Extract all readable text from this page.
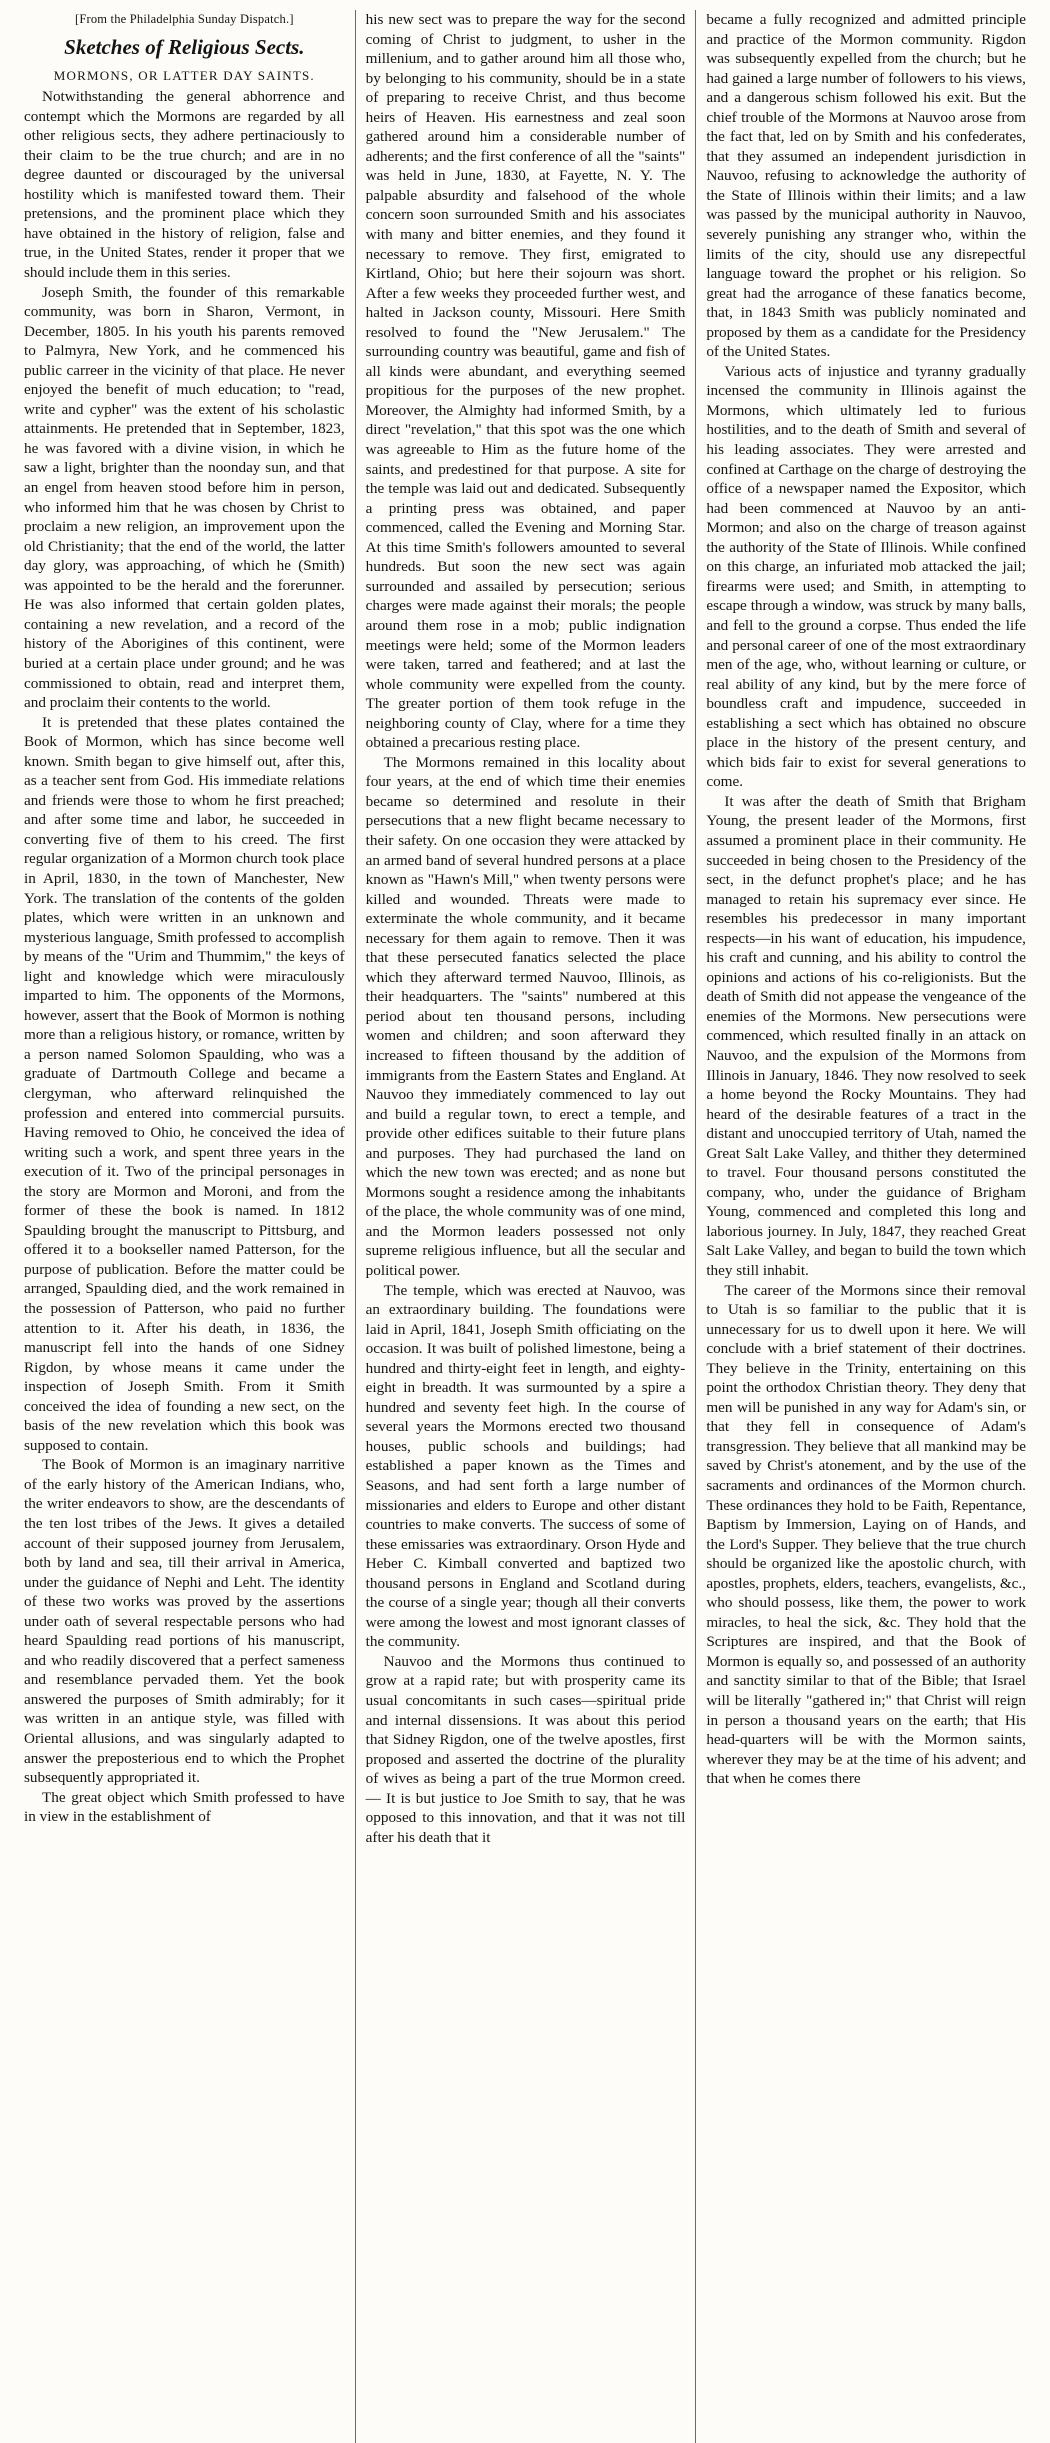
[From the Philadelphia Sunday Dispatch.]
Sketches of Religious Sects.
MORMONS, OR LATTER DAY SAINTS.

Notwithstanding the general abhorrence and contempt which the Mormons are regarded by all other religious sects, they adhere pertinaciously to their claim to be the true church; and are in no degree daunted or discouraged by the universal hostility which is manifested toward them. Their pretensions, and the prominent place which they have obtained in the history of religion, false and true, in the United States, render it proper that we should include them in this series.

Joseph Smith, the founder of this remarkable community, was born in Sharon, Vermont, in December, 1805. In his youth his parents removed to Palmyra, New York, and he commenced his public carreer in the vicinity of that place. He never enjoyed the benefit of much education; to "read, write and cypher" was the extent of his scholastic attainments. He pretended that in September, 1823, he was favored with a divine vision, in which he saw a light, brighter than the noonday sun, and that an engel from heaven stood before him in person, who informed him that he was chosen by Christ to proclaim a new religion, an improvement upon the old Christianity; that the end of the world, the latter day glory, was approaching, of which he (Smith) was appointed to be the herald and the forerunner. He was also informed that certain golden plates, containing a new revelation, and a record of the history of the Aborigines of this continent, were buried at a certain place under ground; and he was commissioned to obtain, read and interpret them, and proclaim their contents to the world.

It is pretended that these plates contained the Book of Mormon, which has since become well known. Smith began to give himself out, after this, as a teacher sent from God. His immediate relations and friends were those to whom he first preached; and after some time and labor, he succeeded in converting five of them to his creed. The first regular organization of a Mormon church took place in April, 1830, in the town of Manchester, New York. The translation of the contents of the golden plates, which were written in an unknown and mysterious language, Smith professed to accomplish by means of the "Urim and Thummim," the keys of light and knowledge which were miraculously imparted to him. The opponents of the Mormons, however, assert that the Book of Mormon is nothing more than a religious history, or romance, written by a person named Solomon Spaulding, who was a graduate of Dartmouth College and became a clergyman, who afterward relinquished the profession and entered into commercial pursuits. Having removed to Ohio, he conceived the idea of writing such a work, and spent three years in the execution of it. Two of the principal personages in the story are Mormon and Moroni, and from the former of these the book is named. In 1812 Spaulding brought the manuscript to Pittsburg, and offered it to a bookseller named Patterson, for the purpose of publication. Before the matter could be arranged, Spaulding died, and the work remained in the possession of Patterson, who paid no further attention to it. After his death, in 1836, the manuscript fell into the hands of one Sidney Rigdon, by whose means it came under the inspection of Joseph Smith. From it Smith conceived the idea of founding a new sect, on the basis of the new revelation which this book was supposed to contain.

The Book of Mormon is an imaginary narritive of the early history of the American Indians, who, the writer endeavors to show, are the descendants of the ten lost tribes of the Jews. It gives a detailed account of their supposed journey from Jerusalem, both by land and sea, till their arrival in America, under the guidance of Nephi and Leht. The identity of these two works was proved by the assertions under oath of several respectable persons who had heard Spaulding read portions of his manuscript, and who readily discovered that a perfect sameness and resemblance pervaded them. Yet the book answered the purposes of Smith admirably; for it was written in an antique style, was filled with Oriental allusions, and was singularly adapted to answer the preposterious end to which the Prophet subsequently appropriated it.

The great object which Smith professed to have in view in the establishment of

his new sect was to prepare the way for the second coming of Christ to judgment, to usher in the millenium, and to gather around him all those who, by belonging to his community, should be in a state of preparing to receive Christ, and thus become heirs of Heaven. His earnestness and zeal soon gathered around him a considerable number of adherents; and the first conference of all the "saints" was held in June, 1830, at Fayette, N. Y. The palpable absurdity and falsehood of the whole concern soon surrounded Smith and his associates with many and bitter enemies, and they found it necessary to remove. They first, emigrated to Kirtland, Ohio; but here their sojourn was short. After a few weeks they proceeded further west, and halted in Jackson county, Missouri. Here Smith resolved to found the "New Jerusalem." The surrounding country was beautiful, game and fish of all kinds were abundant, and everything seemed propitious for the purposes of the new prophet. Moreover, the Almighty had informed Smith, by a direct "revelation," that this spot was the one which was agreeable to Him as the future home of the saints, and predestined for that purpose. A site for the temple was laid out and dedicated. Subsequently a printing press was obtained, and paper commenced, called the Evening and Morning Star. At this time Smith's followers amounted to several hundreds. But soon the new sect was again surrounded and assailed by persecution; serious charges were made against their morals; the people around them rose in a mob; public indignation meetings were held; some of the Mormon leaders were taken, tarred and feathered; and at last the whole community were expelled from the county. The greater portion of them took refuge in the neighboring county of Clay, where for a time they obtained a precarious resting place.

The Mormons remained in this locality about four years, at the end of which time their enemies became so determined and resolute in their persecutions that a new flight became necessary to their safety. On one occasion they were attacked by an armed band of several hundred persons at a place known as "Hawn's Mill," when twenty persons were killed and wounded. Threats were made to exterminate the whole community, and it became necessary for them again to remove. Then it was that these persecuted fanatics selected the place which they afterward termed Nauvoo, Illinois, as their headquarters. The "saints" numbered at this period about ten thousand persons, including women and children; and soon afterward they increased to fifteen thousand by the addition of immigrants from the Eastern States and England. At Nauvoo they immediately commenced to lay out and build a regular town, to erect a temple, and provide other edifices suitable to their future plans and purposes. They had purchased the land on which the new town was erected; and as none but Mormons sought a residence among the inhabitants of the place, the whole community was of one mind, and the Mormon leaders possessed not only supreme religious influence, but all the secular and political power.

The temple, which was erected at Nauvoo, was an extraordinary building. The foundations were laid in April, 1841, Joseph Smith officiating on the occasion. It was built of polished limestone, being a hundred and thirty-eight feet in length, and eighty-eight in breadth. It was surmounted by a spire a hundred and seventy feet high. In the course of several years the Mormons erected two thousand houses, public schools and buildings; had established a paper known as the Times and Seasons, and had sent forth a large number of missionaries and elders to Europe and other distant countries to make converts. The success of some of these emissaries was extraordinary. Orson Hyde and Heber C. Kimball converted and baptized two thousand persons in England and Scotland during the course of a single year; though all their converts were among the lowest and most ignorant classes of the community.

Nauvoo and the Mormons thus continued to grow at a rapid rate; but with prosperity came its usual concomitants in such cases—spiritual pride and internal dissensions. It was about this period that Sidney Rigdon, one of the twelve apostles, first proposed and asserted the doctrine of the plurality of wives as being a part of the true Mormon creed.— It is but justice to Joe Smith to say, that he was opposed to this innovation, and that it was not till after his death that it

became a fully recognized and admitted principle and practice of the Mormon community. Rigdon was subsequently expelled from the church; but he had gained a large number of followers to his views, and a dangerous schism followed his exit. But the chief trouble of the Mormons at Nauvoo arose from the fact that, led on by Smith and his confederates, that they assumed an independent jurisdiction in Nauvoo, refusing to acknowledge the authority of the State of Illinois within their limits; and a law was passed by the municipal authority in Nauvoo, severely punishing any stranger who, within the limits of the city, should use any disrepectful language toward the prophet or his religion. So great had the arrogance of these fanatics become, that, in 1843 Smith was publicly nominated and proposed by them as a candidate for the Presidency of the United States.

Various acts of injustice and tyranny gradually incensed the community in Illinois against the Mormons, which ultimately led to furious hostilities, and to the death of Smith and several of his leading associates. They were arrested and confined at Carthage on the charge of destroying the office of a newspaper named the Expositor, which had been commenced at Nauvoo by an anti-Mormon; and also on the charge of treason against the authority of the State of Illinois. While confined on this charge, an infuriated mob attacked the jail; firearms were used; and Smith, in attempting to escape through a window, was struck by many balls, and fell to the ground a corpse. Thus ended the life and personal career of one of the most extraordinary men of the age, who, without learning or culture, or real ability of any kind, but by the mere force of boundless craft and impudence, succeeded in establishing a sect which has obtained no obscure place in the history of the present century, and which bids fair to exist for several generations to come.

It was after the death of Smith that Brigham Young, the present leader of the Mormons, first assumed a prominent place in their community. He succeeded in being chosen to the Presidency of the sect, in the defunct prophet's place; and he has managed to retain his supremacy ever since. He resembles his predecessor in many important respects—in his want of education, his impudence, his craft and cunning, and his ability to control the opinions and actions of his co-religionists. But the death of Smith did not appease the vengeance of the enemies of the Mormons. New persecutions were commenced, which resulted finally in an attack on Nauvoo, and the expulsion of the Mormons from Illinois in January, 1846. They now resolved to seek a home beyond the Rocky Mountains. They had heard of the desirable features of a tract in the distant and unoccupied territory of Utah, named the Great Salt Lake Valley, and thither they determined to travel. Four thousand persons constituted the company, who, under the guidance of Brigham Young, commenced and completed this long and laborious journey. In July, 1847, they reached Great Salt Lake Valley, and began to build the town which they still inhabit.

The career of the Mormons since their removal to Utah is so familiar to the public that it is unnecessary for us to dwell upon it here. We will conclude with a brief statement of their doctrines. They believe in the Trinity, entertaining on this point the orthodox Christian theory. They deny that men will be punished in any way for Adam's sin, or that they fell in consequence of Adam's transgression. They believe that all mankind may be saved by Christ's atonement, and by the use of the sacraments and ordinances of the Mormon church. These ordinances they hold to be Faith, Repentance, Baptism by Immersion, Laying on of Hands, and the Lord's Supper. They believe that the true church should be organized like the apostolic church, with apostles, prophets, elders, teachers, evangelists, &c., who should possess, like them, the power to work miracles, to heal the sick, &c. They hold that the Scriptures are inspired, and that the Book of Mormon is equally so, and possessed of an authority and sanctity similar to that of the Bible; that Israel will be literally "gathered in;" that Christ will reign in person a thousand years on the earth; that His head-quarters will be with the Mormon saints, wherever they may be at the time of his advent; and that when he comes there
